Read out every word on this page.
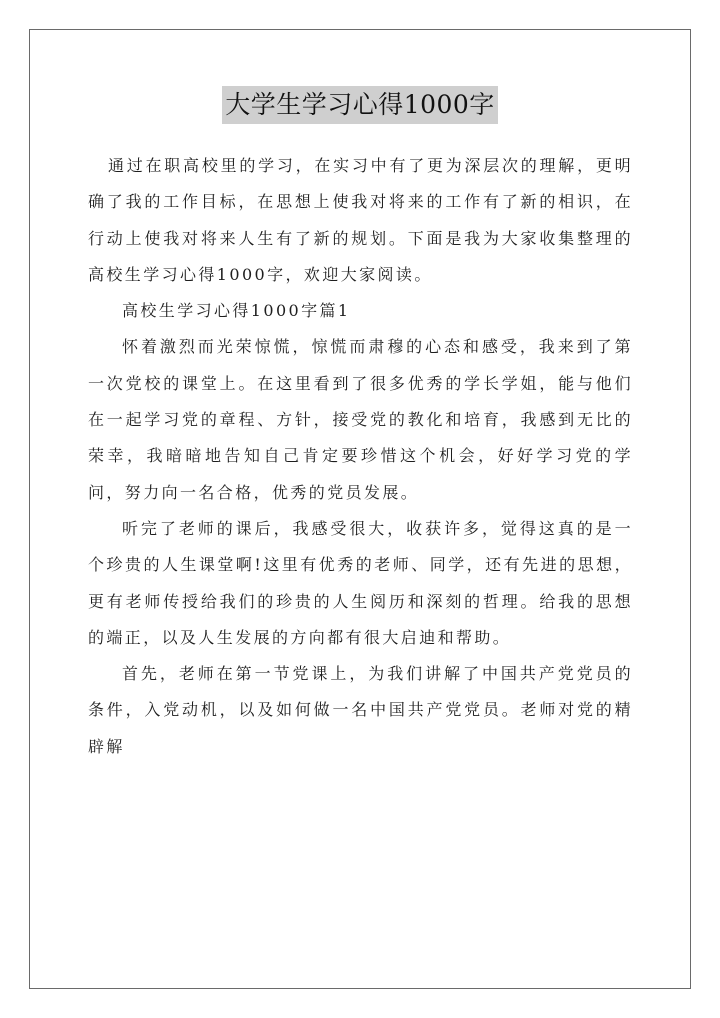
大学生学习心得1000字

通过在职高校里的学习，在实习中有了更为深层次的理解，更明确了我的工作目标，在思想上使我对将来的工作有了新的相识，在行动上使我对将来人生有了新的规划。下面是我为大家收集整理的高校生学习心得1000字，欢迎大家阅读。

高校生学习心得1000字篇1

怀着激烈而光荣惊慌，惊慌而肃穆的心态和感受，我来到了第一次党校的课堂上。在这里看到了很多优秀的学长学姐，能与他们在一起学习党的章程、方针，接受党的教化和培育，我感到无比的荣幸，我暗暗地告知自己肯定要珍惜这个机会，好好学习党的学问，努力向一名合格，优秀的党员发展。

听完了老师的课后，我感受很大，收获许多，觉得这真的是一个珍贵的人生课堂啊!这里有优秀的老师、同学，还有先进的思想，更有老师传授给我们的珍贵的人生阅历和深刻的哲理。给我的思想的端正，以及人生发展的方向都有很大启迪和帮助。

首先，老师在第一节党课上，为我们讲解了中国共产党党员的条件，入党动机，以及如何做一名中国共产党党员。老师对党的精辟解
